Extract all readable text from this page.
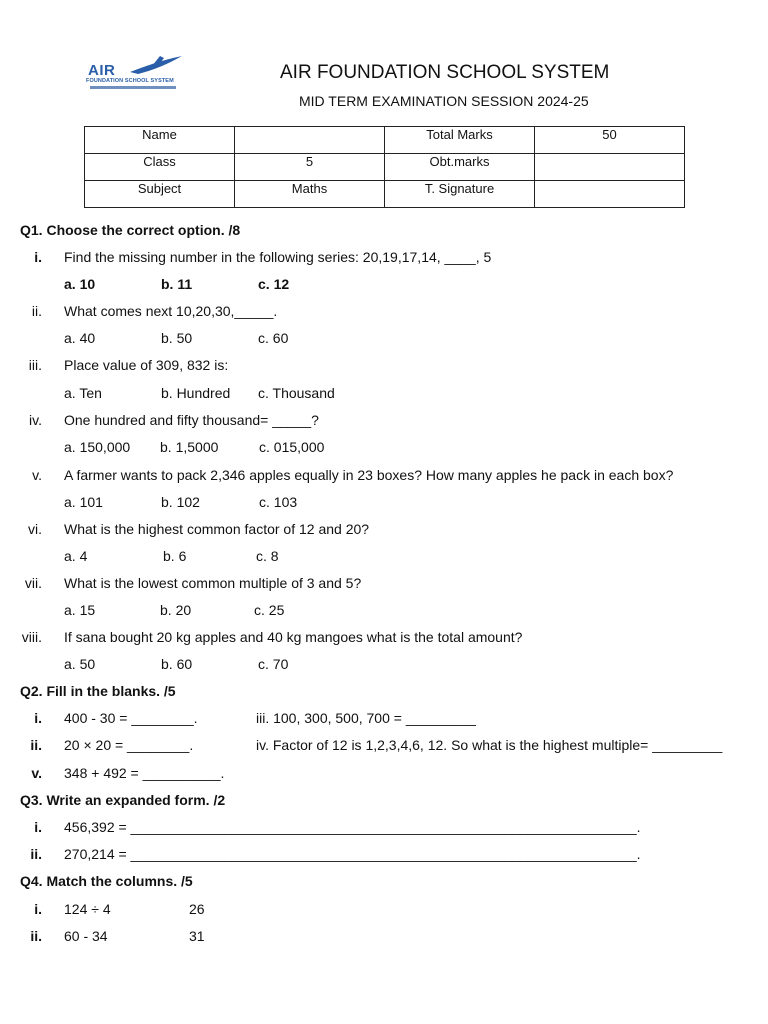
AIR
FOUNDATION SCHOOL SYSTEM	AIR FOUNDATION SCHOOL SYSTEM
MID TERM EXAMINATION SESSION 2024-25
Name		Total Marks	50
Class	5	Obt.marks	
Subject	Maths	T. Signature	
Q1. Choose the correct option. /8
i. Find the missing number in the following series: 20,19,17,14, ____, 5
a. 10	b. 11	c. 12
ii. What comes next 10,20,30,_____.
a. 40	b. 50	c. 60
iii. Place value of 309, 832 is:
a. Ten	b. Hundred c. Thousand
iv. One hundred and fifty thousand= _____?
a. 150,000 b. 1,5000	c. 015,000
v. A farmer wants to pack 2,346 apples equally in 23 boxes? How many apples he pack in each box?
a. 101	b. 102	c. 103
vi. What is the highest common factor of 12 and 20?
a. 4	b. 6	c. 8
vii. What is the lowest common multiple of 3 and 5?
a. 15	b. 20	c. 25
viii. If sana bought 20 kg apples and 40 kg mangoes what is the total amount?
a. 50	b. 60	c. 70
Q2. Fill in the blanks. /5
i. 400 - 30 = ________.	iii. 100, 300, 500, 700 = _________
ii. 20 × 20 = ________.	iv. Factor of 12 is 1,2,3,4,6, 12. So what is the highest multiple= _________
v. 348 + 492 = __________.
Q3. Write an expanded form. /2
i. 456,392 = _________________________________________________________________.
ii. 270,214 = _________________________________________________________________.
Q4. Match the columns. /5
i. 124 ÷ 4	26
ii. 60 - 34	31
